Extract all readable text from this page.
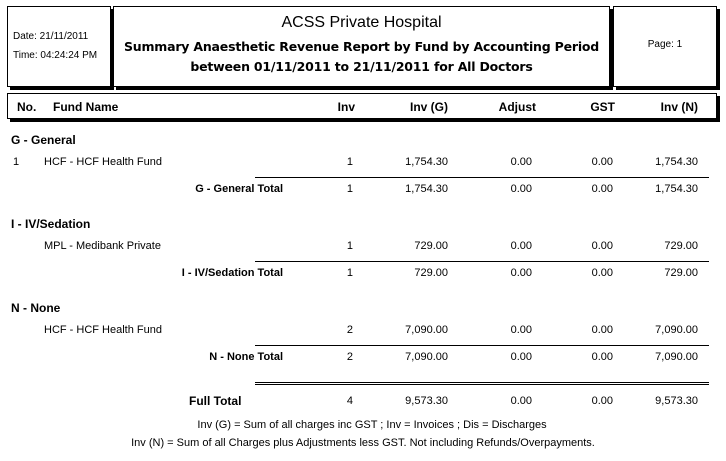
Date: 21/11/2011
Time: 04:24:24 PM
ACSS Private Hospital
Summary Anaesthetic Revenue Report by Fund by Accounting Period
between 01/11/2011 to 21/11/2011 for All Doctors
Page: 1
No. Fund Name	Inv	Inv (G)	Adjust	GST	Inv (N)
G - General
1 HCF - HCF Health Fund	1	1,754.30	0.00	0.00	1,754.30
G - General Total	1	1,754.30	0.00	0.00	1,754.30
I - IV/Sedation
MPL - Medibank Private	1	729.00	0.00	0.00	729.00
I - IV/Sedation Total	1	729.00	0.00	0.00	729.00
N - None
HCF - HCF Health Fund	2	7,090.00	0.00	0.00	7,090.00
N - None Total	2	7,090.00	0.00	0.00	7,090.00
Full Total	4	9,573.30	0.00	0.00	9,573.30
Inv (G) = Sum of all charges inc GST ; Inv = Invoices ; Dis = Discharges
Inv (N) = Sum of all Charges plus Adjustments less GST. Not including Refunds/Overpayments.
